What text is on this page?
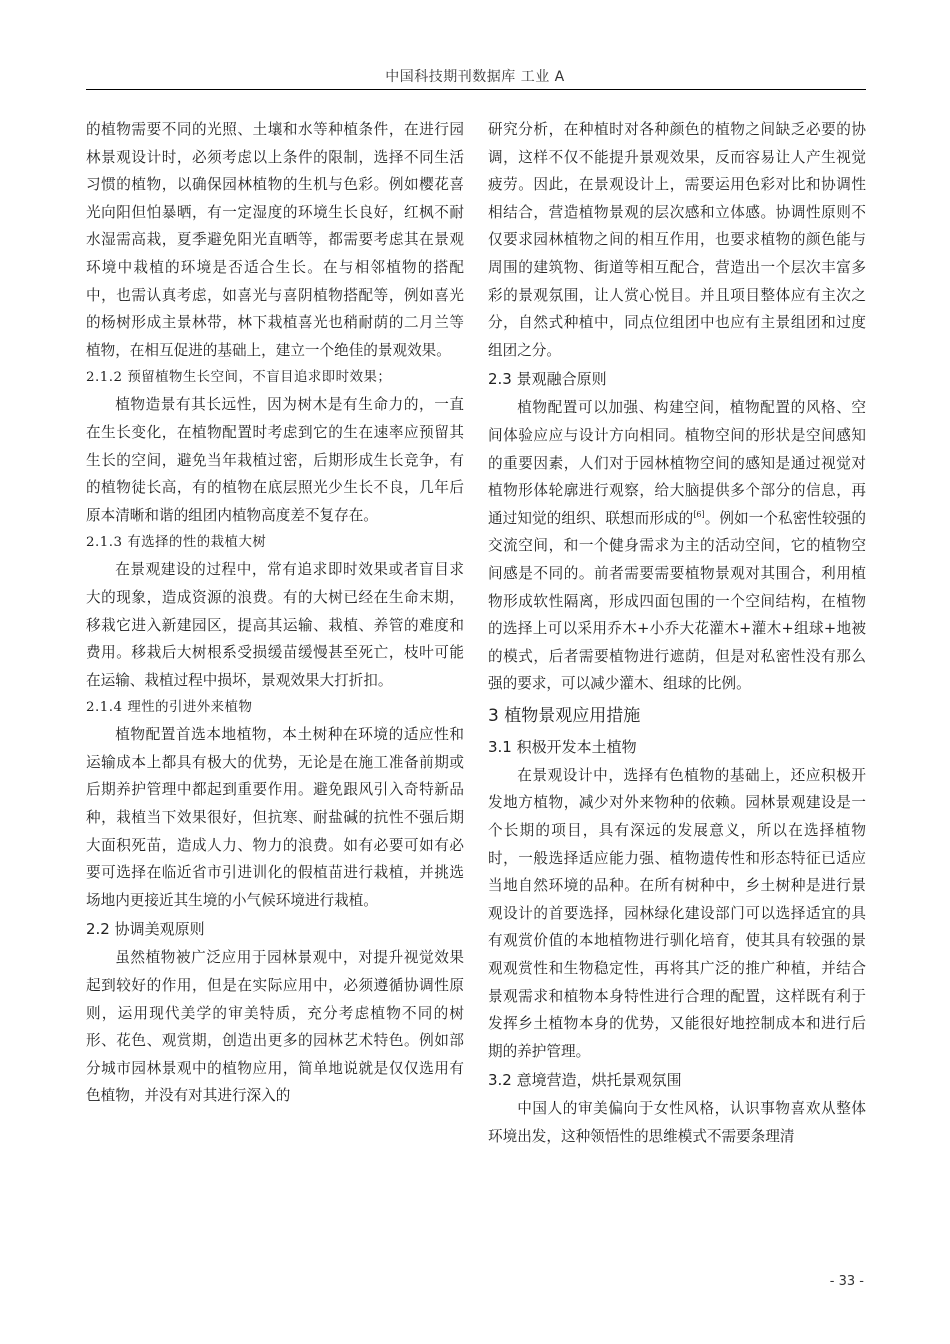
中国科技期刊数据库 工业 A

的植物需要不同的光照、土壤和水等种植条件，在进行园林景观设计时，必须考虑以上条件的限制，选择不同生活习惯的植物，以确保园林植物的生机与色彩。例如樱花喜光向阳但怕暴晒，有一定湿度的环境生长良好，红枫不耐水湿需高栽，夏季避免阳光直晒等，都需要考虑其在景观环境中栽植的环境是否适合生长。在与相邻植物的搭配中，也需认真考虑，如喜光与喜阴植物搭配等，例如喜光的杨树形成主景林带，林下栽植喜光也稍耐荫的二月兰等植物，在相互促进的基础上，建立一个绝佳的景观效果。

2.1.2 预留植物生长空间，不盲目追求即时效果；

植物造景有其长远性，因为树木是有生命力的，一直在生长变化，在植物配置时考虑到它的生在速率应预留其生长的空间，避免当年栽植过密，后期形成生长竞争，有的植物徒长高，有的植物在底层照光少生长不良，几年后原本清晰和谐的组团内植物高度差不复存在。

2.1.3 有选择的性的栽植大树

在景观建设的过程中，常有追求即时效果或者盲目求大的现象，造成资源的浪费。有的大树已经在生命末期，移栽它进入新建园区，提高其运输、栽植、养管的难度和费用。移栽后大树根系受损缓苗缓慢甚至死亡，枝叶可能在运输、栽植过程中损坏，景观效果大打折扣。

2.1.4 理性的引进外来植物

植物配置首选本地植物，本土树种在环境的适应性和运输成本上都具有极大的优势，无论是在施工准备前期或后期养护管理中都起到重要作用。避免跟风引入奇特新品种，栽植当下效果很好，但抗寒、耐盐碱的抗性不强后期大面积死苗，造成人力、物力的浪费。如有必要可如有必要可选择在临近省市引进训化的假植苗进行栽植，并挑选场地内更接近其生境的小气候环境进行栽植。

2.2 协调美观原则

虽然植物被广泛应用于园林景观中，对提升视觉效果起到较好的作用，但是在实际应用中，必须遵循协调性原则，运用现代美学的审美特质，充分考虑植物不同的树形、花色、观赏期，创造出更多的园林艺术特色。例如部分城市园林景观中的植物应用，简单地说就是仅仅选用有色植物，并没有对其进行深入的

研究分析，在种植时对各种颜色的植物之间缺乏必要的协调，这样不仅不能提升景观效果，反而容易让人产生视觉疲劳。因此，在景观设计上，需要运用色彩对比和协调性相结合，营造植物景观的层次感和立体感。协调性原则不仅要求园林植物之间的相互作用，也要求植物的颜色能与周围的建筑物、街道等相互配合，营造出一个层次丰富多彩的景观氛围，让人赏心悦目。并且项目整体应有主次之分，自然式种植中，同点位组团中也应有主景组团和过度组团之分。

2.3 景观融合原则

植物配置可以加强、构建空间，植物配置的风格、空间体验应应与设计方向相同。植物空间的形状是空间感知的重要因素，人们对于园林植物空间的感知是通过视觉对植物形体轮廓进行观察，给大脑提供多个部分的信息，再通过知觉的组织、联想而形成的[6]。例如一个私密性较强的交流空间，和一个健身需求为主的活动空间，它的植物空间感是不同的。前者需要需要植物景观对其围合，利用植物形成软性隔离，形成四面包围的一个空间结构，在植物的选择上可以采用乔木+小乔大花灌木+灌木+组球+地被的模式，后者需要植物进行遮荫，但是对私密性没有那么强的要求，可以减少灌木、组球的比例。

3 植物景观应用措施
3.1 积极开发本土植物

在景观设计中，选择有色植物的基础上，还应积极开发地方植物，减少对外来物种的依赖。园林景观建设是一个长期的项目，具有深远的发展意义，所以在选择植物时，一般选择适应能力强、植物遗传性和形态特征已适应当地自然环境的品种。在所有树种中，乡土树种是进行景观设计的首要选择，园林绿化建设部门可以选择适宜的具有观赏价值的本地植物进行驯化培育，使其具有较强的景观观赏性和生物稳定性，再将其广泛的推广种植，并结合景观需求和植物本身特性进行合理的配置，这样既有利于发挥乡土植物本身的优势，又能很好地控制成本和进行后期的养护管理。

3.2 意境营造，烘托景观氛围

中国人的审美偏向于女性风格，认识事物喜欢从整体环境出发，这种领悟性的思维模式不需要条理清

- 33 -
